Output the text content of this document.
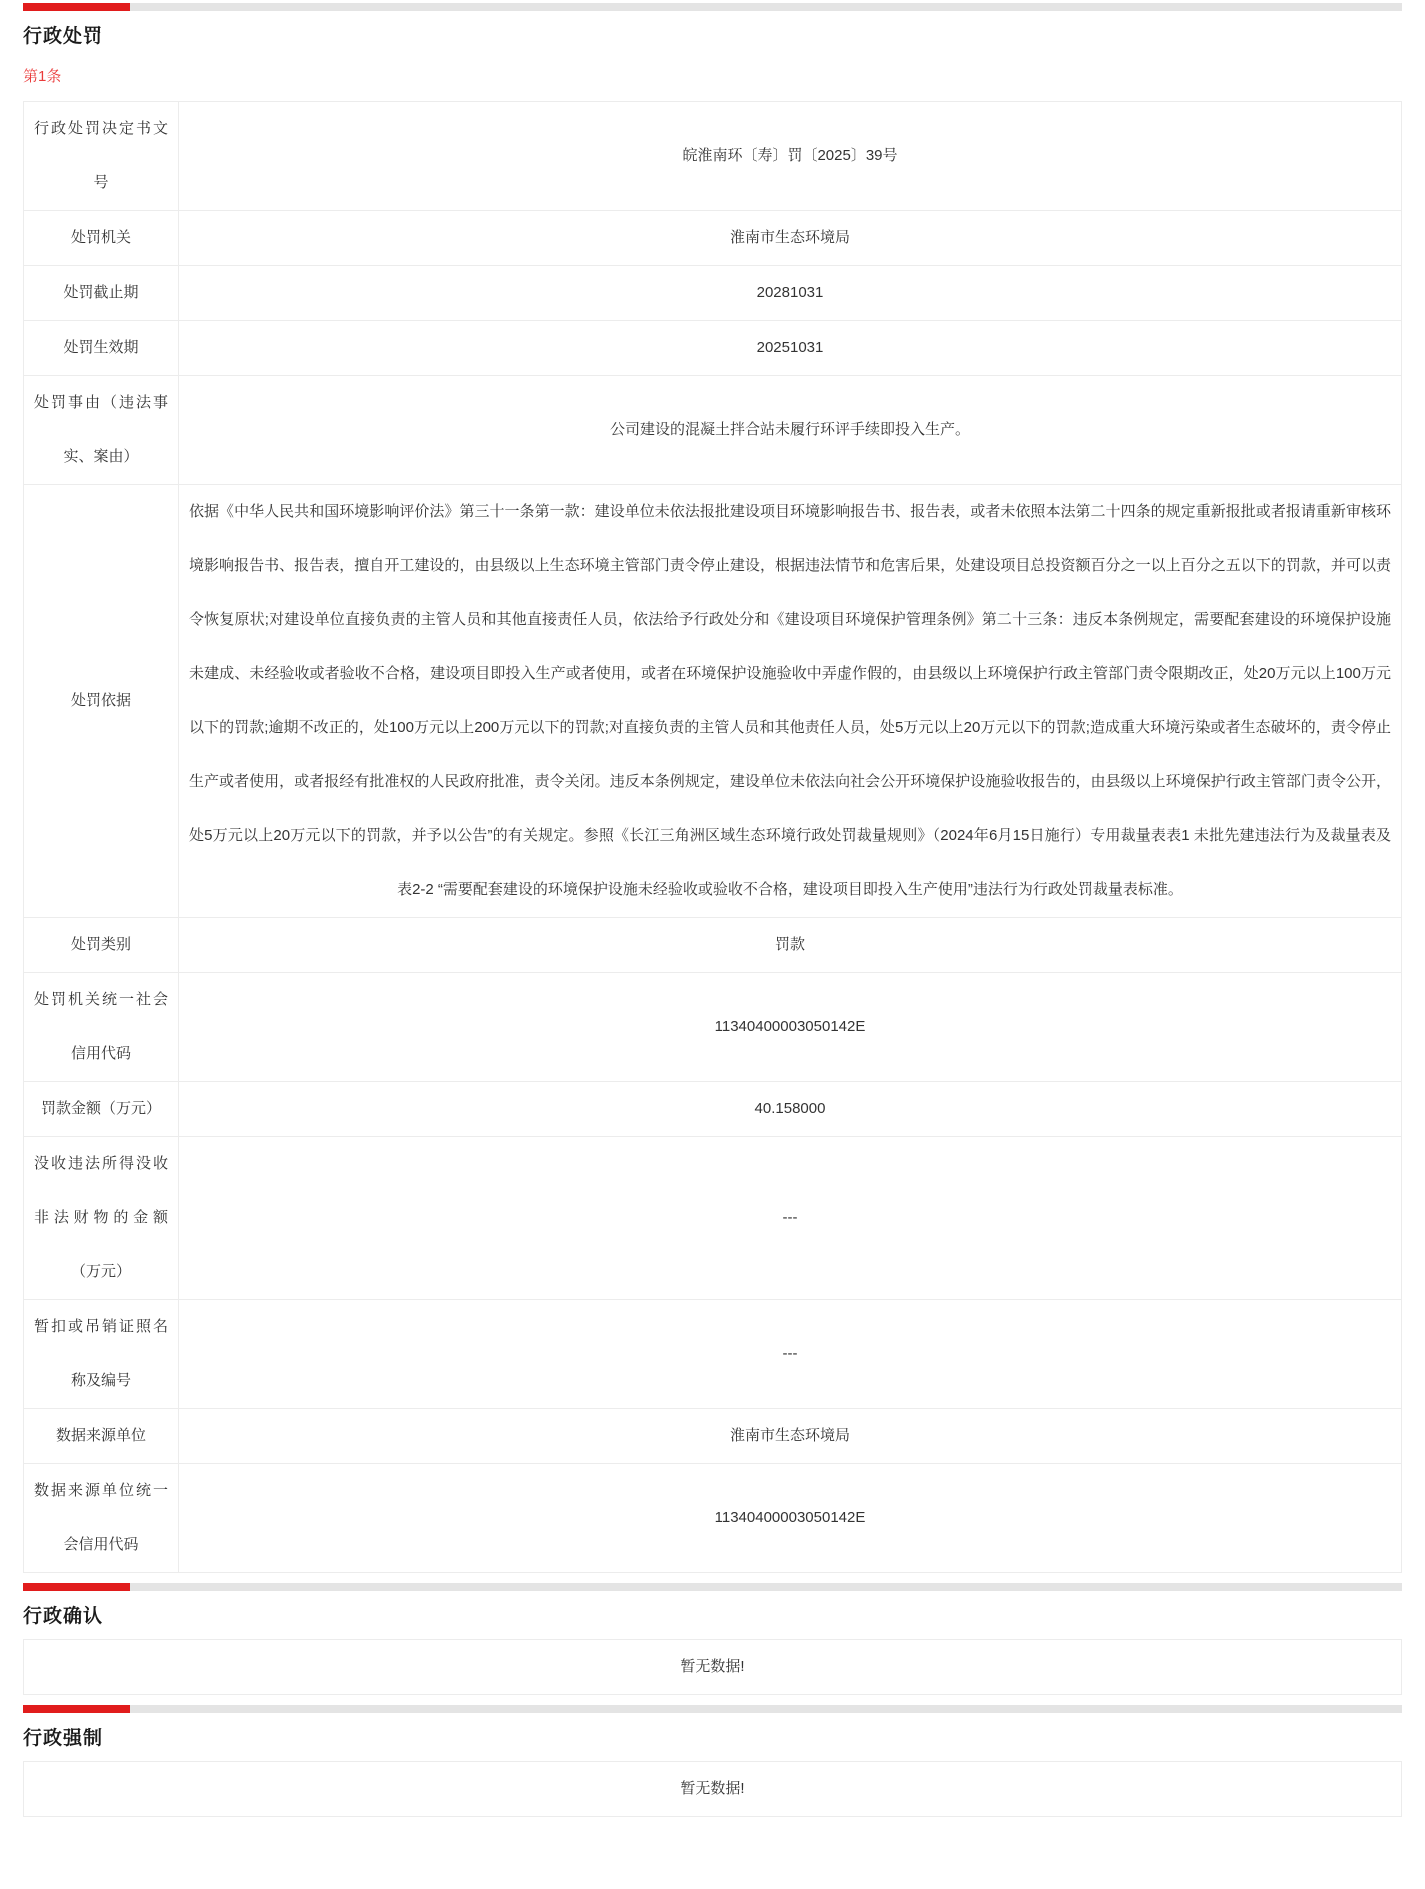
行政处罚
第1条
行政处罚决定书文号	皖淮南环〔寿〕罚〔2025〕39号
处罚机关	淮南市生态环境局
处罚截止期	20281031
处罚生效期	20251031
处罚事由（违法事实、案由）	公司建设的混凝土拌合站未履行环评手续即投入生产。
处罚依据	依据《中华人民共和国环境影响评价法》第三十一条第一款：建设单位未依法报批建设项目环境影响报告书、报告表，或者未依照本法第二十四条的规定重新报批或者报请重新审核环境影响报告书、报告表，擅自开工建设的，由县级以上生态环境主管部门责令停止建设，根据违法情节和危害后果，处建设项目总投资额百分之一以上百分之五以下的罚款，并可以责令恢复原状;对建设单位直接负责的主管人员和其他直接责任人员，依法给予行政处分和《建设项目环境保护管理条例》第二十三条：违反本条例规定，需要配套建设的环境保护设施未建成、未经验收或者验收不合格，建设项目即投入生产或者使用，或者在环境保护设施验收中弄虚作假的，由县级以上环境保护行政主管部门责令限期改正，处20万元以上100万元以下的罚款;逾期不改正的，处100万元以上200万元以下的罚款;对直接负责的主管人员和其他责任人员，处5万元以上20万元以下的罚款;造成重大环境污染或者生态破坏的，责令停止生产或者使用，或者报经有批准权的人民政府批准，责令关闭。违反本条例规定，建设单位未依法向社会公开环境保护设施验收报告的，由县级以上环境保护行政主管部门责令公开，处5万元以上20万元以下的罚款，并予以公告”的有关规定。参照《长江三角洲区域生态环境行政处罚裁量规则》（2024年6月15日施行）专用裁量表表1 未批先建违法行为及裁量表及表2-2 “需要配套建设的环境保护设施未经验收或验收不合格，建设项目即投入生产使用”违法行为行政处罚裁量表标准。
处罚类别	罚款
处罚机关统一社会信用代码	11340400003050142E
罚款金额（万元）	40.158000
没收违法所得没收非法财物的金额（万元）	---
暂扣或吊销证照名称及编号	---
数据来源单位	淮南市生态环境局
数据来源单位统一会信用代码	11340400003050142E
行政确认
暂无数据!
行政强制
暂无数据!
